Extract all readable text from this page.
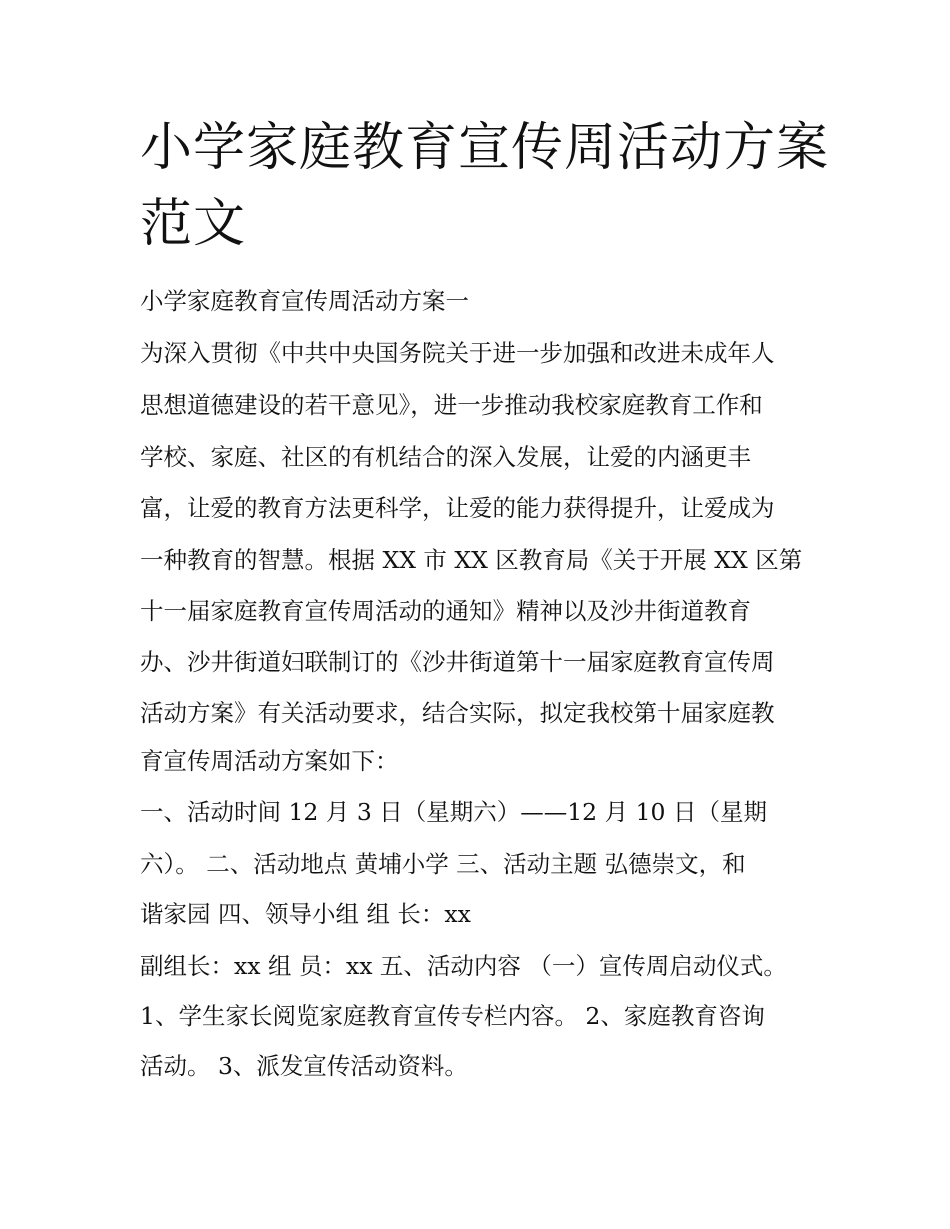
小学家庭教育宣传周活动方案
范文

小学家庭教育宣传周活动方案一

为深入贯彻《中共中央国务院关于进一步加强和改进未成年人

思想道德建设的若干意见》，进一步推动我校家庭教育工作和

学校、家庭、社区的有机结合的深入发展，让爱的内涵更丰

富，让爱的教育方法更科学，让爱的能力获得提升，让爱成为

一种教育的智慧。根据 XX 市 XX 区教育局《关于开展 XX 区第

十一届家庭教育宣传周活动的通知》精神以及沙井街道教育

办、沙井街道妇联制订的《沙井街道第十一届家庭教育宣传周

活动方案》有关活动要求，结合实际，拟定我校第十届家庭教

育宣传周活动方案如下：

一、活动时间 12 月 3 日（星期六）——12 月 10 日（星期

六）。 二、活动地点 黄埔小学 三、活动主题 弘德崇文，和

谐家园 四、领导小组 组 长：xx

副组长：xx 组 员：xx 五、活动内容 （一）宣传周启动仪式。

1、学生家长阅览家庭教育宣传专栏内容。 2、家庭教育咨询

活动。 3、派发宣传活动资料。
